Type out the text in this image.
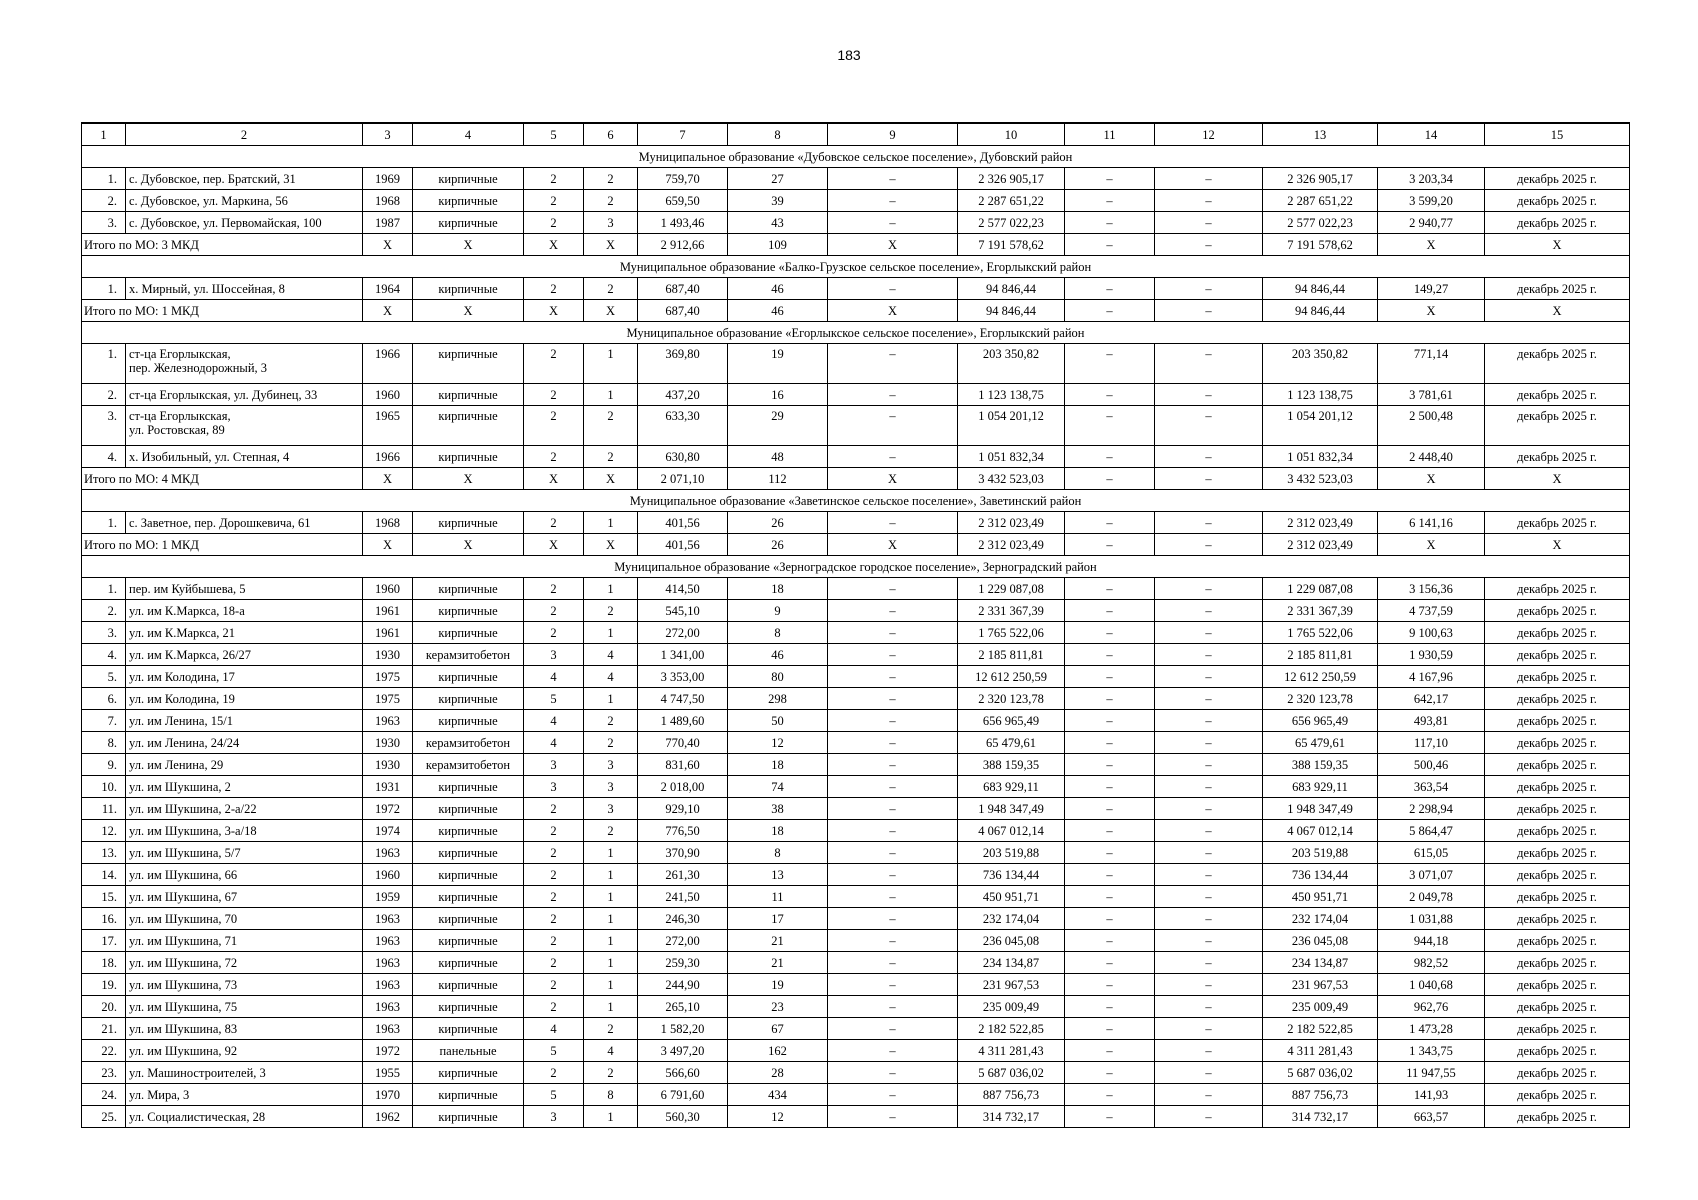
183
1	2	3	4	5	6	7	8	9	10	11	12	13	14	15
Муниципальное образование «Дубовское сельское поселение», Дубовский район														
1.	с. Дубовское, пер. Братский, 31	1969	кирпичные	2	2	759,70	27	–	2 326 905,17	–	–	2 326 905,17	3 203,34	декабрь 2025 г.
2.	с. Дубовское, ул. Маркина, 56	1968	кирпичные	2	2	659,50	39	–	2 287 651,22	–	–	2 287 651,22	3 599,20	декабрь 2025 г.
3.	с. Дубовское, ул. Первомайская, 100	1987	кирпичные	2	3	1 493,46	43	–	2 577 022,23	–	–	2 577 022,23	2 940,77	декабрь 2025 г.
Итого по МО: 3 МКД		X	X	X	X	2 912,66	109	X	7 191 578,62	–	–	7 191 578,62	X	X
Муниципальное образование «Балко-Грузское сельское поселение», Егорлыкский район														
1.	х. Мирный, ул. Шоссейная, 8	1964	кирпичные	2	2	687,40	46	–	94 846,44	–	–	94 846,44	149,27	декабрь 2025 г.
Итого по МО: 1 МКД		X	X	X	X	687,40	46	X	94 846,44	–	–	94 846,44	X	X
Муниципальное образование «Егорлыкское сельское поселение», Егорлыкский район														
1.	ст-ца Егорлыкская,
пер. Железнодорожный, 3	1966	кирпичные	2	1	369,80	19	–	203 350,82	–	–	203 350,82	771,14	декабрь 2025 г.
2.	ст-ца Егорлыкская, ул. Дубинец, 33	1960	кирпичные	2	1	437,20	16	–	1 123 138,75	–	–	1 123 138,75	3 781,61	декабрь 2025 г.
3.	ст-ца Егорлыкская,
ул. Ростовская, 89	1965	кирпичные	2	2	633,30	29	–	1 054 201,12	–	–	1 054 201,12	2 500,48	декабрь 2025 г.
4.	х. Изобильный, ул. Степная, 4	1966	кирпичные	2	2	630,80	48	–	1 051 832,34	–	–	1 051 832,34	2 448,40	декабрь 2025 г.
Итого по МО: 4 МКД		X	X	X	X	2 071,10	112	X	3 432 523,03	–	–	3 432 523,03	X	X
Муниципальное образование «Заветинское сельское поселение», Заветинский район														
1.	с. Заветное, пер. Дорошкевича, 61	1968	кирпичные	2	1	401,56	26	–	2 312 023,49	–	–	2 312 023,49	6 141,16	декабрь 2025 г.
Итого по МО: 1 МКД		X	X	X	X	401,56	26	X	2 312 023,49	–	–	2 312 023,49	X	X
Муниципальное образование «Зерноградское городское поселение», Зерноградский район														
1.	пер. им Куйбышева, 5	1960	кирпичные	2	1	414,50	18	–	1 229 087,08	–	–	1 229 087,08	3 156,36	декабрь 2025 г.
2.	ул. им К.Маркса, 18-а	1961	кирпичные	2	2	545,10	9	–	2 331 367,39	–	–	2 331 367,39	4 737,59	декабрь 2025 г.
3.	ул. им К.Маркса, 21	1961	кирпичные	2	1	272,00	8	–	1 765 522,06	–	–	1 765 522,06	9 100,63	декабрь 2025 г.
4.	ул. им К.Маркса, 26/27	1930	керамзитобетон	3	4	1 341,00	46	–	2 185 811,81	–	–	2 185 811,81	1 930,59	декабрь 2025 г.
5.	ул. им Колодина, 17	1975	кирпичные	4	4	3 353,00	80	–	12 612 250,59	–	–	12 612 250,59	4 167,96	декабрь 2025 г.
6.	ул. им Колодина, 19	1975	кирпичные	5	1	4 747,50	298	–	2 320 123,78	–	–	2 320 123,78	642,17	декабрь 2025 г.
7.	ул. им Ленина, 15/1	1963	кирпичные	4	2	1 489,60	50	–	656 965,49	–	–	656 965,49	493,81	декабрь 2025 г.
8.	ул. им Ленина, 24/24	1930	керамзитобетон	4	2	770,40	12	–	65 479,61	–	–	65 479,61	117,10	декабрь 2025 г.
9.	ул. им Ленина, 29	1930	керамзитобетон	3	3	831,60	18	–	388 159,35	–	–	388 159,35	500,46	декабрь 2025 г.
10.	ул. им Шукшина, 2	1931	кирпичные	3	3	2 018,00	74	–	683 929,11	–	–	683 929,11	363,54	декабрь 2025 г.
11.	ул. им Шукшина, 2-а/22	1972	кирпичные	2	3	929,10	38	–	1 948 347,49	–	–	1 948 347,49	2 298,94	декабрь 2025 г.
12.	ул. им Шукшина, 3-а/18	1974	кирпичные	2	2	776,50	18	–	4 067 012,14	–	–	4 067 012,14	5 864,47	декабрь 2025 г.
13.	ул. им Шукшина, 5/7	1963	кирпичные	2	1	370,90	8	–	203 519,88	–	–	203 519,88	615,05	декабрь 2025 г.
14.	ул. им Шукшина, 66	1960	кирпичные	2	1	261,30	13	–	736 134,44	–	–	736 134,44	3 071,07	декабрь 2025 г.
15.	ул. им Шукшина, 67	1959	кирпичные	2	1	241,50	11	–	450 951,71	–	–	450 951,71	2 049,78	декабрь 2025 г.
16.	ул. им Шукшина, 70	1963	кирпичные	2	1	246,30	17	–	232 174,04	–	–	232 174,04	1 031,88	декабрь 2025 г.
17.	ул. им Шукшина, 71	1963	кирпичные	2	1	272,00	21	–	236 045,08	–	–	236 045,08	944,18	декабрь 2025 г.
18.	ул. им Шукшина, 72	1963	кирпичные	2	1	259,30	21	–	234 134,87	–	–	234 134,87	982,52	декабрь 2025 г.
19.	ул. им Шукшина, 73	1963	кирпичные	2	1	244,90	19	–	231 967,53	–	–	231 967,53	1 040,68	декабрь 2025 г.
20.	ул. им Шукшина, 75	1963	кирпичные	2	1	265,10	23	–	235 009,49	–	–	235 009,49	962,76	декабрь 2025 г.
21.	ул. им Шукшина, 83	1963	кирпичные	4	2	1 582,20	67	–	2 182 522,85	–	–	2 182 522,85	1 473,28	декабрь 2025 г.
22.	ул. им Шукшина, 92	1972	панельные	5	4	3 497,20	162	–	4 311 281,43	–	–	4 311 281,43	1 343,75	декабрь 2025 г.
23.	ул. Машиностроителей, 3	1955	кирпичные	2	2	566,60	28	–	5 687 036,02	–	–	5 687 036,02	11 947,55	декабрь 2025 г.
24.	ул. Мира, 3	1970	кирпичные	5	8	6 791,60	434	–	887 756,73	–	–	887 756,73	141,93	декабрь 2025 г.
25.	ул. Социалистическая, 28	1962	кирпичные	3	1	560,30	12	–	314 732,17	–	–	314 732,17	663,57	декабрь 2025 г.
